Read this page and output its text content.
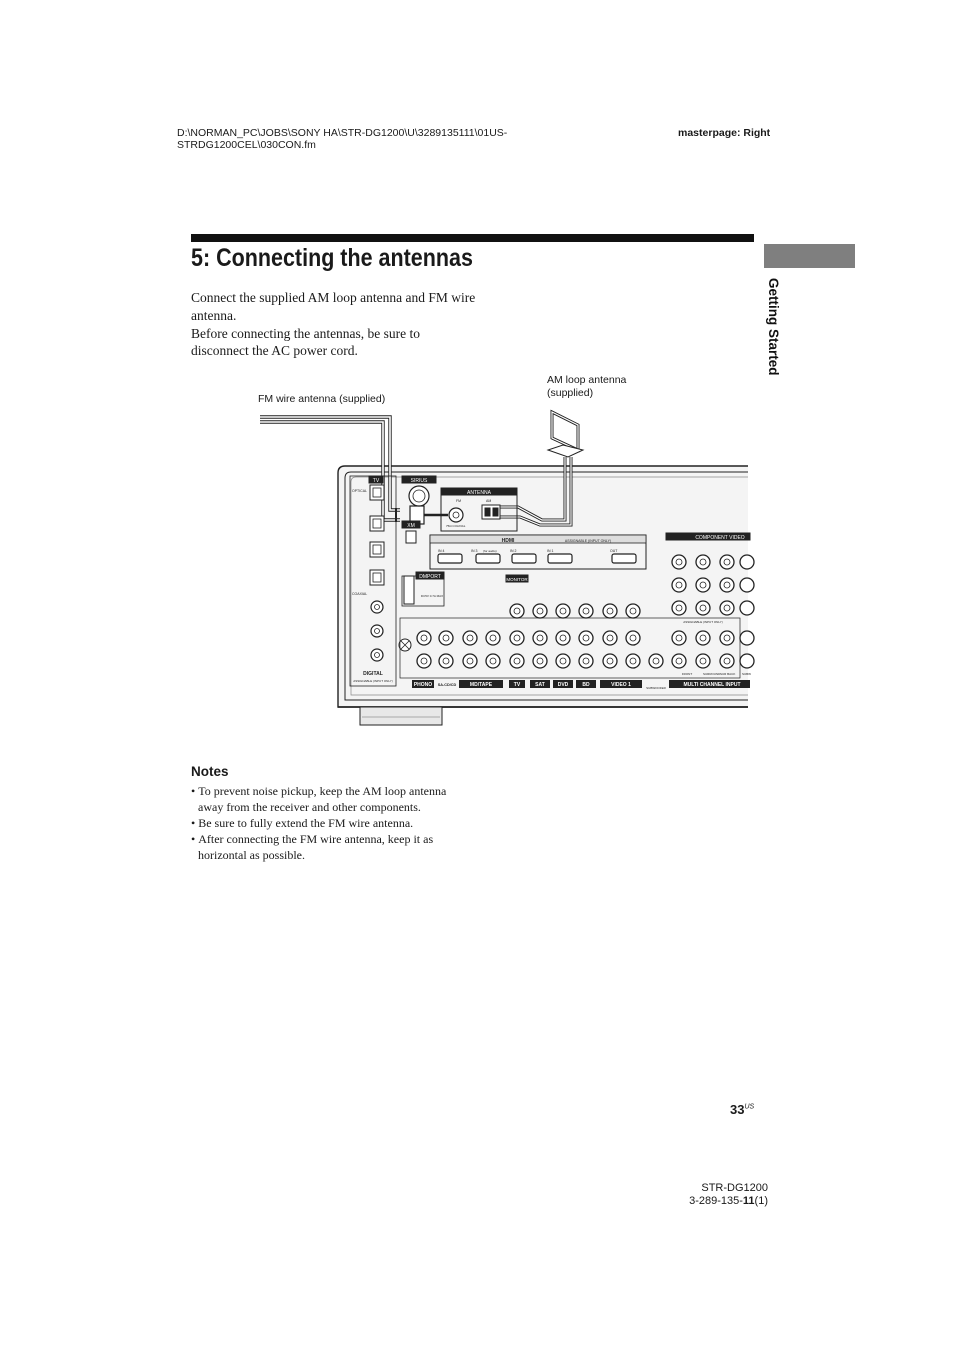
D:\NORMAN_PC\JOBS\SONY HA\STR-DG1200\U\3289135111\01US-
STRDG1200CEL\030CON.fm
masterpage: Right
5: Connecting the antennas
Getting Started

Connect the supplied AM loop antenna and FM wire antenna.

Before connecting the antennas, be sure to disconnect the AC power cord.

FM wire antenna (supplied)
AM loop antenna
(supplied)
TV
OPTICAL
COAXIAL
DIGITAL
ASSIGNABLE (INPUT ONLY)
SIRIUS
XM
ANTENNA
FM	AM
75Ω COAXIAL
DMPORT
DC5V 0.7A MAX
HDMI	ASSIGNABLE (INPUT ONLY)
IN 4	IN 3 (for audio)	IN 2	IN 1	OUT
COMPONENT VIDEO
MONITOR
ASSIGNABLE (INPUT ONLY)
SUBWOOFER
FRONT	SURROUND SUR BACK SUBW
PHONO SA-CD/CD	MD/TAPE	TV	SAT	DVD	BD	VIDEO 1	MULTI CHANNEL INPUT
Notes
• To prevent noise pickup, keep the AM loop antenna away from the receiver and other components.
• Be sure to fully extend the FM wire antenna.
• After connecting the FM wire antenna, keep it as horizontal as possible.
$33^{US}$
STR-DG1200
3-289-135-11(1)
